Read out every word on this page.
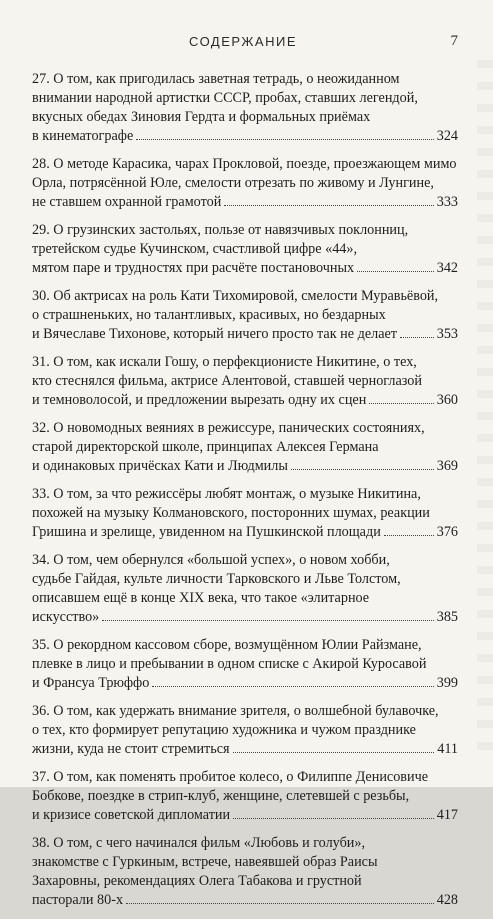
СОДЕРЖАНИЕ	7
27. О том, как пригодилась заветная тетрадь, о неожиданном
внимании народной артистки СССР, пробах, ставших легендой,
вкусных обедах Зиновия Гердта и формальных приёмах
в кинематографе	324
28. О методе Карасика, чарах Прокловой, поезде, проезжающем мимо
Орла, потрясённой Юле, смелости отрезать по живому и Лунгине,
не ставшем охранной грамотой	333
29. О грузинских застольях, пользе от навязчивых поклонниц,
третейском судье Кучинском, счастливой цифре «44»,
мятом паре и трудностях при расчёте постановочных	342
30. Об актрисах на роль Кати Тихомировой, смелости Муравьёвой,
о страшненьких, но талантливых, красивых, но бездарных
и Вячеславе Тихонове, который ничего просто так не делает	353
31. О том, как искали Гошу, о перфекционисте Никитине, о тех,
кто стеснялся фильма, актрисе Алентовой, ставшей черноглазой
и темноволосой, и предложении вырезать одну их сцен	360
32. О новомодных веяниях в режиссуре, панических состояниях,
старой директорской школе, принципах Алексея Германа
и одинаковых причёсках Кати и Людмилы	369
33. О том, за что режиссёры любят монтаж, о музыке Никитина,
похожей на музыку Колмановского, посторонних шумах, реакции
Гришина и зрелище, увиденном на Пушкинской площади	376
34. О том, чем обернулся «большой успех», о новом хобби,
судьбе Гайдая, культе личности Тарковского и Льве Толстом,
описавшем ещё в конце XIX века, что такое «элитарное
искусство»	385
35. О рекордном кассовом сборе, возмущённом Юлии Райзмане,
плевке в лицо и пребывании в одном списке с Акирой Куросавой
и Франсуа Трюффо	399
36. О том, как удержать внимание зрителя, о волшебной булавочке,
о тех, кто формирует репутацию художника и чужом празднике
жизни, куда не стоит стремиться	411
37. О том, как поменять пробитое колесо, о Филиппе Денисовиче
Бобкове, поездке в стрип-клуб, женщине, слетевшей с резьбы,
и кризисе советской дипломатии	417
38. О том, с чего начинался фильм «Любовь и голуби»,
знакомстве с Гуркиным, встрече, навеявшей образ Раисы
Захаровны, рекомендациях Олега Табакова и грустной
пасторали 80-х	428
